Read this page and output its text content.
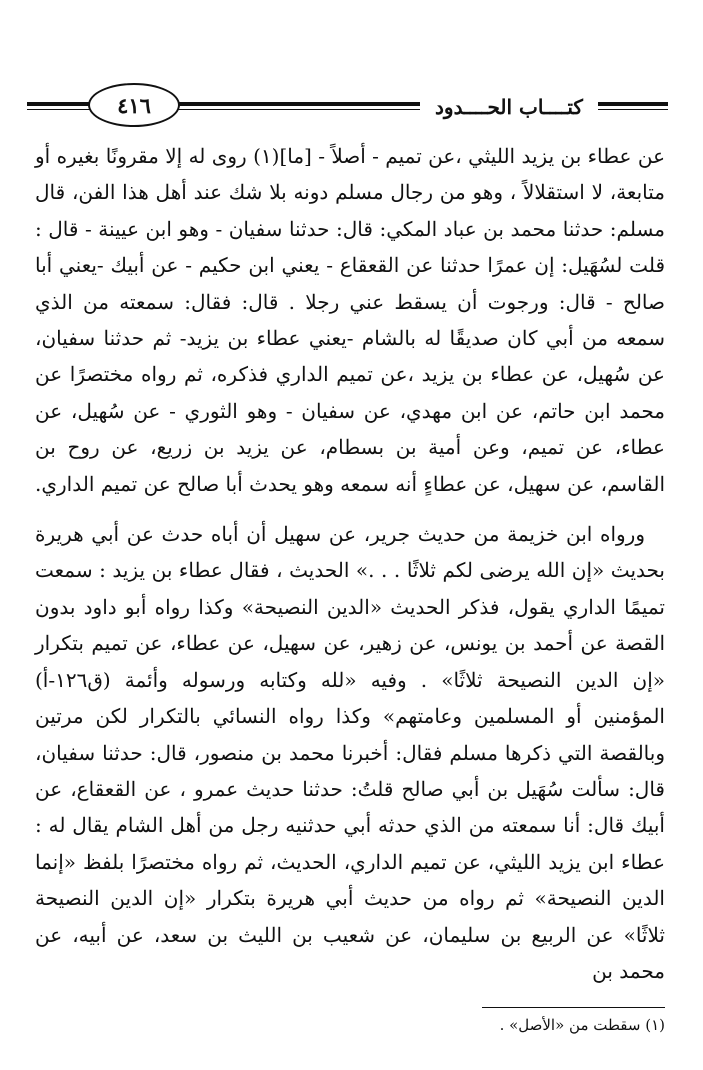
٤١٦	كتــــاب الحــــدود

عن عطاء بن يزيد الليثي ،عن تميم - أصلاً - [ما](١) روى له إلا مقرونًا بغيره أو متابعة، لا استقلالاً ، وهو من رجال مسلم دونه بلا شك عند أهل هذا الفن، قال مسلم: حدثنا محمد بن عباد المكي: قال: حدثنا سفيان - وهو ابن عيينة - قال : قلت لسُهَيل: إن عمرًا حدثنا عن القعقاع - يعني ابن حكيم - عن أبيك -يعني أبا صالح - قال: ورجوت أن يسقط عني رجلا . قال: فقال: سمعته من الذي سمعه من أبي كان صديقًا له بالشام -يعني عطاء بن يزيد- ثم حدثنا سفيان، عن سُهيل، عن عطاء بن يزيد ،عن تميم الداري فذكره، ثم رواه مختصرًا عن محمد ابن حاتم، عن ابن مهدي، عن سفيان - وهو الثوري - عن سُهيل، عن عطاء، عن تميم، وعن أمية بن بسطام، عن يزيد بن زريع، عن روح بن القاسم، عن سهيل، عن عطاءٍ أنه سمعه وهو يحدث أبا صالح عن تميم الداري.

ورواه ابن خزيمة من حديث جرير، عن سهيل أن أباه حدث عن أبي هريرة بحديث «إن الله يرضى لكم ثلاثًا . . .» الحديث ، فقال عطاء بن يزيد : سمعت تميمًا الداري يقول، فذكر الحديث «الدين النصيحة» وكذا رواه أبو داود بدون القصة عن أحمد بن يونس، عن زهير، عن سهيل، عن عطاء، عن تميم بتكرار «إن الدين النصيحة ثلاثًا» . وفيه «لله وكتابه ورسوله وأئمة (ق١٢٦-أ) المؤمنين أو المسلمين وعامتهم» وكذا رواه النسائي بالتكرار لكن مرتين وبالقصة التي ذكرها مسلم فقال: أخبرنا محمد بن منصور، قال: حدثنا سفيان، قال: سألت سُهَيل بن أبي صالح قلتُ: حدثنا حديث عمرو ، عن القعقاع، عن أبيك قال: أنا سمعته من الذي حدثه أبي حدثنيه رجل من أهل الشام يقال له : عطاء ابن يزيد الليثي، عن تميم الداري، الحديث، ثم رواه مختصرًا بلفظ «إنما الدين النصيحة» ثم رواه من حديث أبي هريرة بتكرار «إن الدين النصيحة ثلاثًا» عن الربيع بن سليمان، عن شعيب بن الليث بن سعد، عن أبيه، عن محمد بن

(١) سقطت من «الأصل» .
